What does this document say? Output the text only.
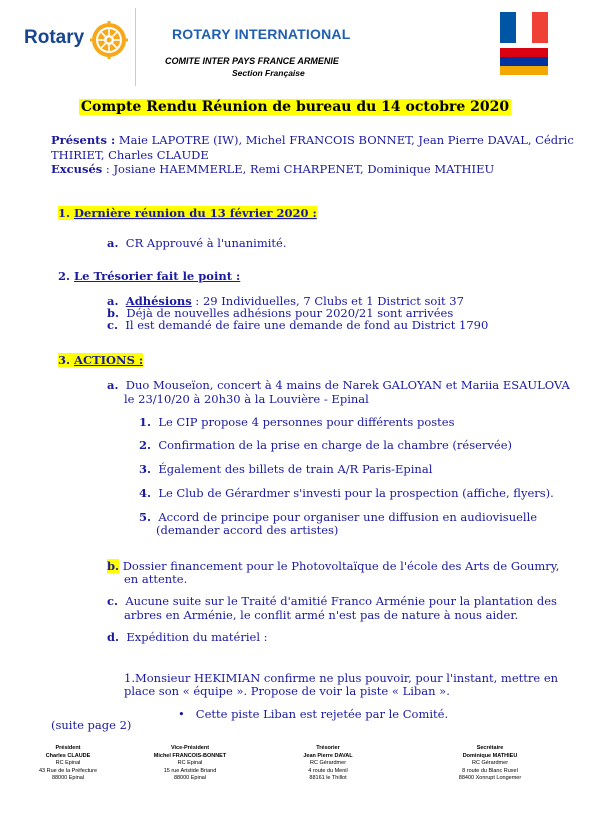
Rotary	ROTARY INTERNATIONAL
COMITE INTER PAYS FRANCE ARMENIE
Section Française
Compte Rendu Réunion de bureau du 14 octobre 2020
Présents : Maie LAPOTRE (IW), Michel FRANCOIS BONNET, Jean Pierre DAVAL, Cédric
THIRIET, Charles CLAUDE
Excusés : Josiane HAEMMERLE, Remi CHARPENET, Dominique MATHIEU
1. Dernière réunion du 13 février 2020 :
a. CR Approuvé à l'unanimité.
2. Le Trésorier fait le point :
a. Adhésions : 29 Individuelles, 7 Clubs et 1 District soit 37
b. Déjà de nouvelles adhésions pour 2020/21 sont arrivées
c. Il est demandé de faire une demande de fond au District 1790
3. ACTIONS :
a. Duo Mouseïon, concert à 4 mains de Narek GALOYAN et Mariia ESAULOVA
le 23/10/20 à 20h30 à la Louvière - Epinal
1. Le CIP propose 4 personnes pour différents postes
2. Confirmation de la prise en charge de la chambre (réservée)
3. Également des billets de train A/R Paris-Epinal
4. Le Club de Gérardmer s'investi pour la prospection (affiche, flyers).
5. Accord de principe pour organiser une diffusion en audiovisuelle
(demander accord des artistes)
b. Dossier financement pour le Photovoltaïque de l'école des Arts de Goumry,
en attente.
c. Aucune suite sur le Traité d'amitié Franco Arménie pour la plantation des
arbres en Arménie, le conflit armé n'est pas de nature à nous aider.
d. Expédition du matériel :
1.Monsieur HEKIMIAN confirme ne plus pouvoir, pour l'instant, mettre en
place son « équipe ». Propose de voir la piste « Liban ».
• Cette piste Liban est rejetée par le Comité.
(suite page 2)
Président
Charles CLAUDE
RC Epinal
43 Rue de la Préfecture
88000 Epinal
Vice-Président
Michel FRANCOIS-BONNET
RC Epinal
15 rue Aristide Briand
88000 Epinal
Trésorier
Jean Pierre DAVAL
RC Gérardmer
4 route du Menil
88161 le Thillot
Secrétaire
Dominique MATHIEU
RC Gérardmer
8 route du Blanc Ruxel
88400 Xonrupt Longemer
